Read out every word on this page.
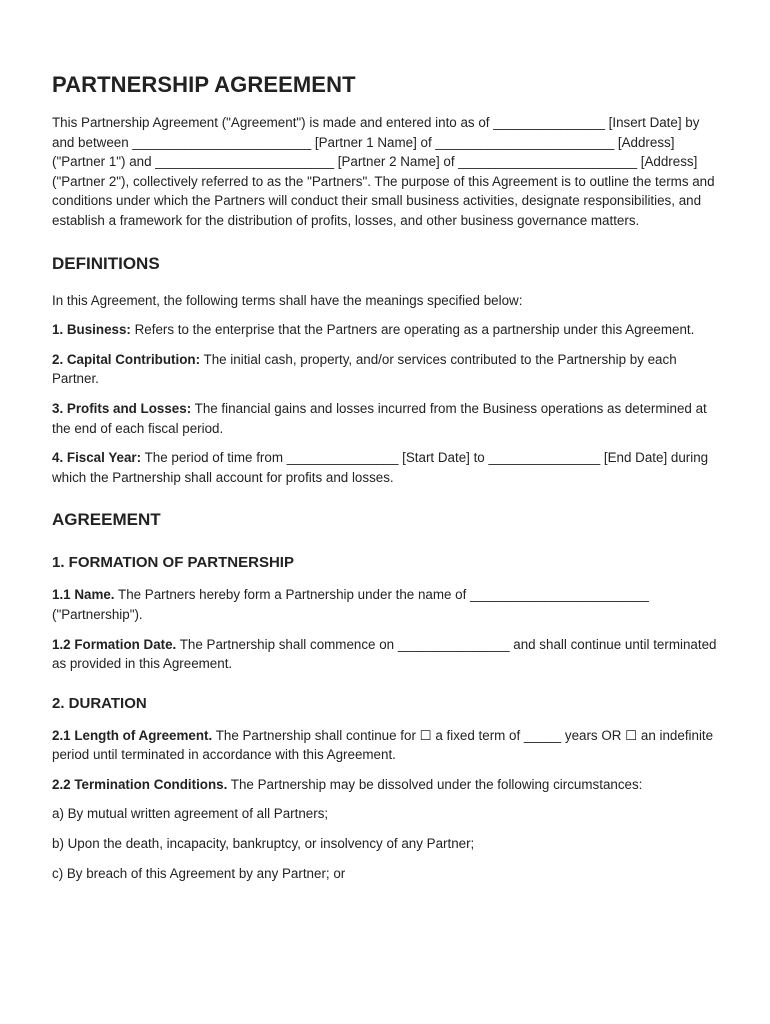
PARTNERSHIP AGREEMENT

This Partnership Agreement ("Agreement") is made and entered into as of _______________ [Insert Date] by and between ________________________ [Partner 1 Name] of ________________________ [Address] ("Partner 1") and ________________________ [Partner 2 Name] of ________________________ [Address] ("Partner 2"), collectively referred to as the "Partners". The purpose of this Agreement is to outline the terms and conditions under which the Partners will conduct their small business activities, designate responsibilities, and establish a framework for the distribution of profits, losses, and other business governance matters.

DEFINITIONS

In this Agreement, the following terms shall have the meanings specified below:

1. Business: Refers to the enterprise that the Partners are operating as a partnership under this Agreement.

2. Capital Contribution: The initial cash, property, and/or services contributed to the Partnership by each Partner.

3. Profits and Losses: The financial gains and losses incurred from the Business operations as determined at the end of each fiscal period.

4. Fiscal Year: The period of time from _______________ [Start Date] to _______________ [End Date] during which the Partnership shall account for profits and losses.

AGREEMENT
1. FORMATION OF PARTNERSHIP

1.1 Name. The Partners hereby form a Partnership under the name of ________________________ ("Partnership").

1.2 Formation Date. The Partnership shall commence on _______________ and shall continue until terminated as provided in this Agreement.

2. DURATION

2.1 Length of Agreement. The Partnership shall continue for ☐ a fixed term of _____ years OR ☐ an indefinite period until terminated in accordance with this Agreement.

2.2 Termination Conditions. The Partnership may be dissolved under the following circumstances:

a) By mutual written agreement of all Partners;

b) Upon the death, incapacity, bankruptcy, or insolvency of any Partner;

c) By breach of this Agreement by any Partner; or
